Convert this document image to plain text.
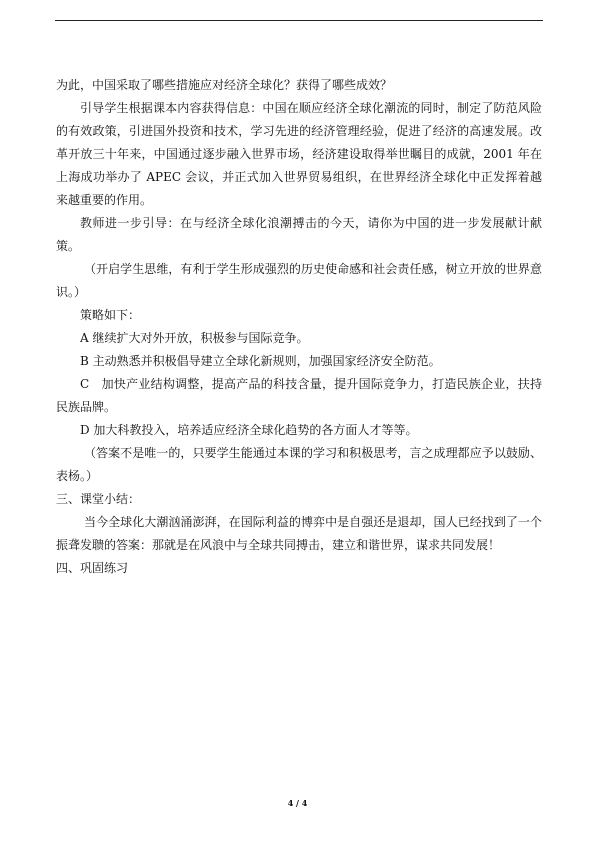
为此，中国采取了哪些措施应对经济全球化？获得了哪些成效？

引导学生根据课本内容获得信息：中国在顺应经济全球化潮流的同时，制定了防范风险的有效政策，引进国外投资和技术，学习先进的经济管理经验，促进了经济的高速发展。改革开放三十年来，中国通过逐步融入世界市场，经济建设取得举世瞩目的成就，2001 年在上海成功举办了 APEC 会议，并正式加入世界贸易组织，在世界经济全球化中正发挥着越来越重要的作用。

教师进一步引导：在与经济全球化浪潮搏击的今天，请你为中国的进一步发展献计献策。

（开启学生思维，有利于学生形成强烈的历史使命感和社会责任感，树立开放的世界意识。）

策略如下：

A 继续扩大对外开放，积极参与国际竞争。

B 主动熟悉并积极倡导建立全球化新规则，加强国家经济安全防范。

C　加快产业结构调整，提高产品的科技含量，提升国际竞争力，打造民族企业，扶持民族品牌。

D 加大科教投入，培养适应经济全球化趋势的各方面人才等等。

（答案不是唯一的，只要学生能通过本课的学习和积极思考，言之成理都应予以鼓励、表杨。）

三、课堂小结：

当今全球化大潮汹涌澎湃，在国际利益的博弈中是自强还是退却，国人已经找到了一个振聋发聩的答案：那就是在风浪中与全球共同搏击，建立和谐世界，谋求共同发展！

四、巩固练习

4 / 4
